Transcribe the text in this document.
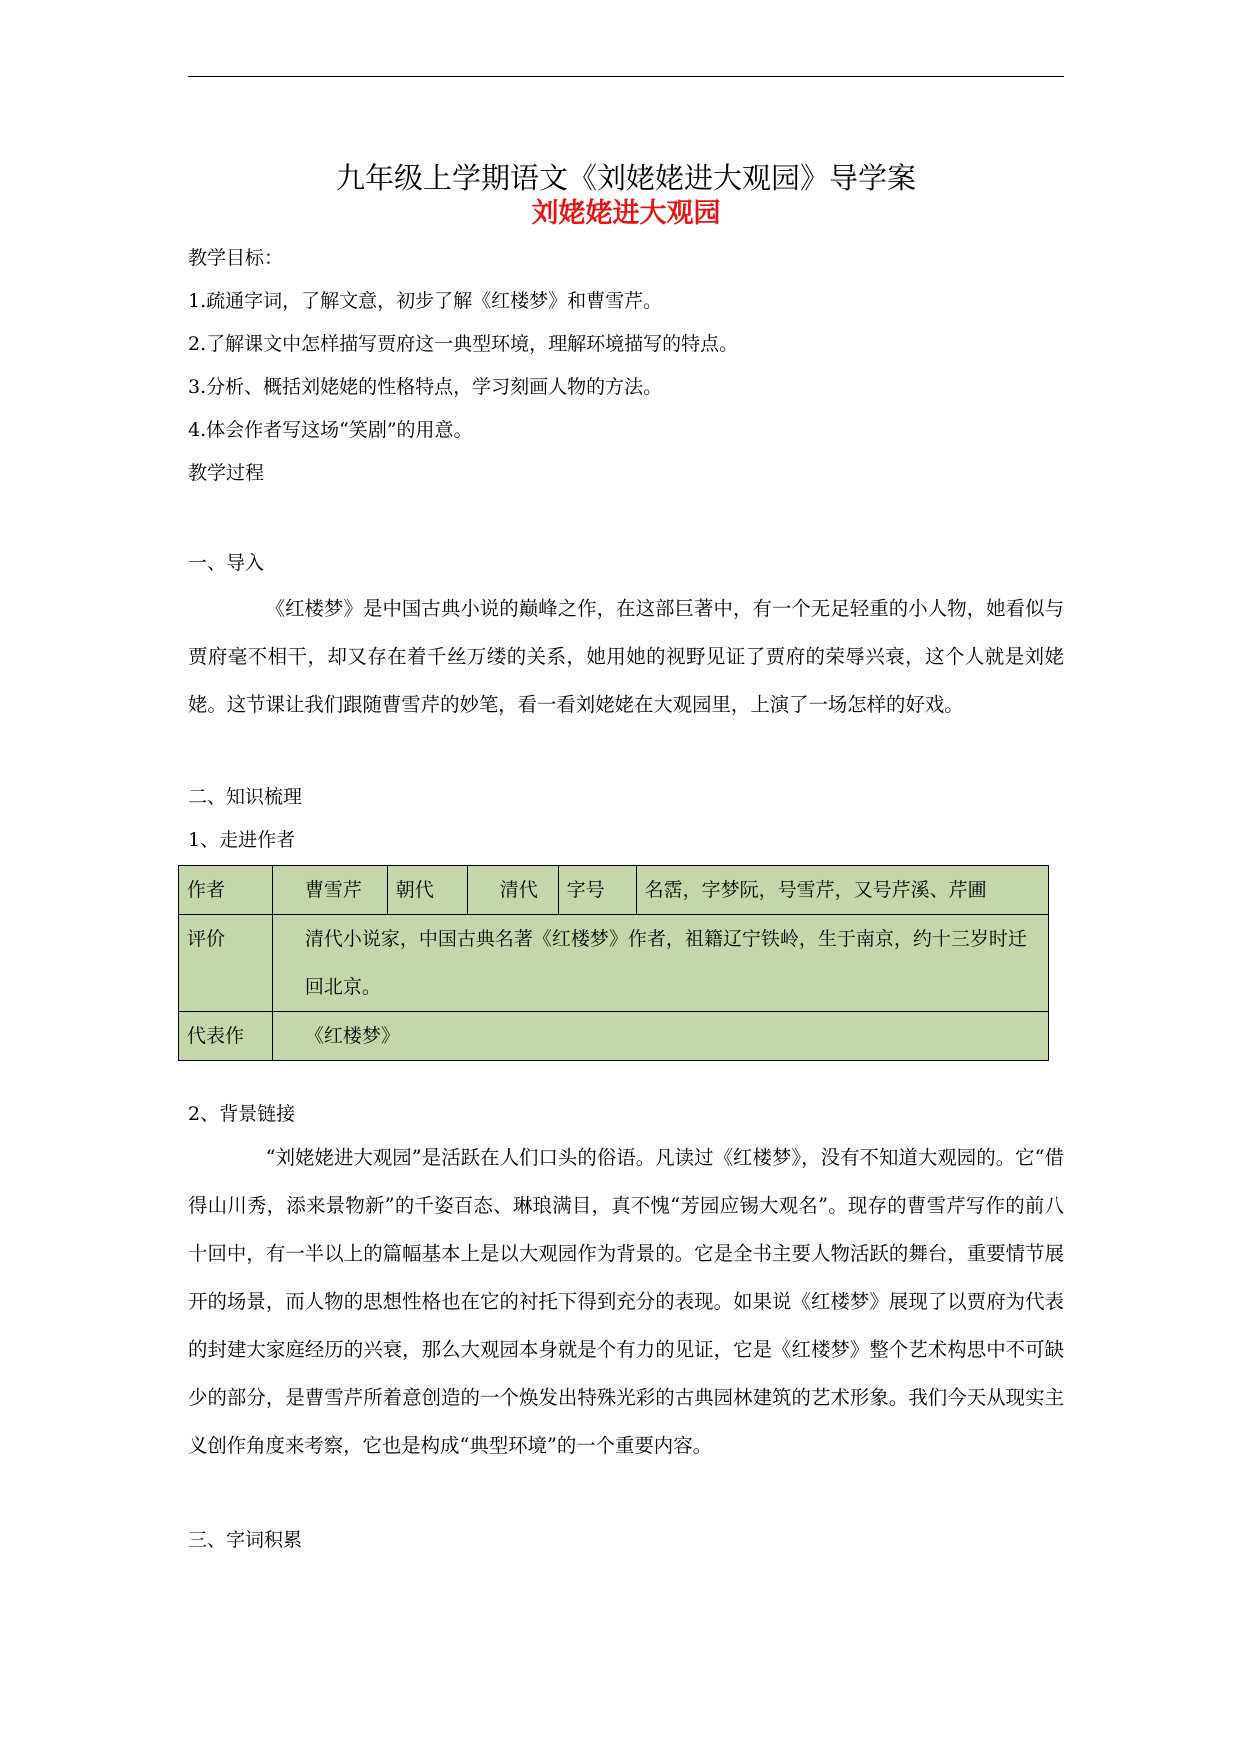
九年级上学期语文《刘姥姥进大观园》导学案
刘姥姥进大观园
教学目标：
1.疏通字词，了解文意，初步了解《红楼梦》和曹雪芹。
2.了解课文中怎样描写贾府这一典型环境，理解环境描写的特点。
3.分析、概括刘姥姥的性格特点，学习刻画人物的方法。
4.体会作者写这场“笑剧”的用意。
教学过程
一、导入
《红楼梦》是中国古典小说的巅峰之作，在这部巨著中，有一个无足轻重的小人物，她看似与贾府毫不相干，却又存在着千丝万缕的关系，她用她的视野见证了贾府的荣辱兴衰，这个人就是刘姥姥。这节课让我们跟随曹雪芹的妙笔，看一看刘姥姥在大观园里，上演了一场怎样的好戏。
二、知识梳理
1、走进作者
作者	曹雪芹	朝代	清代	字号	名霑，字梦阮，号雪芹，又号芹溪、芹圃
评价	清代小说家，中国古典名著《红楼梦》作者，祖籍辽宁铁岭，生于南京，约十三岁时迁回北京。				
代表作	《红楼梦》				
2、背景链接
“刘姥姥进大观园”是活跃在人们口头的俗语。凡读过《红楼梦》，没有不知道大观园的。它“借得山川秀，添来景物新”的千姿百态、琳琅满目，真不愧“芳园应锡大观名”。现存的曹雪芹写作的前八十回中，有一半以上的篇幅基本上是以大观园作为背景的。它是全书主要人物活跃的舞台，重要情节展开的场景，而人物的思想性格也在它的衬托下得到充分的表现。如果说《红楼梦》展现了以贾府为代表的封建大家庭经历的兴衰，那么大观园本身就是个有力的见证，它是《红楼梦》整个艺术构思中不可缺少的部分，是曹雪芹所着意创造的一个焕发出特殊光彩的古典园林建筑的艺术形象。我们今天从现实主义创作角度来考察，它也是构成“典型环境”的一个重要内容。
三、字词积累
